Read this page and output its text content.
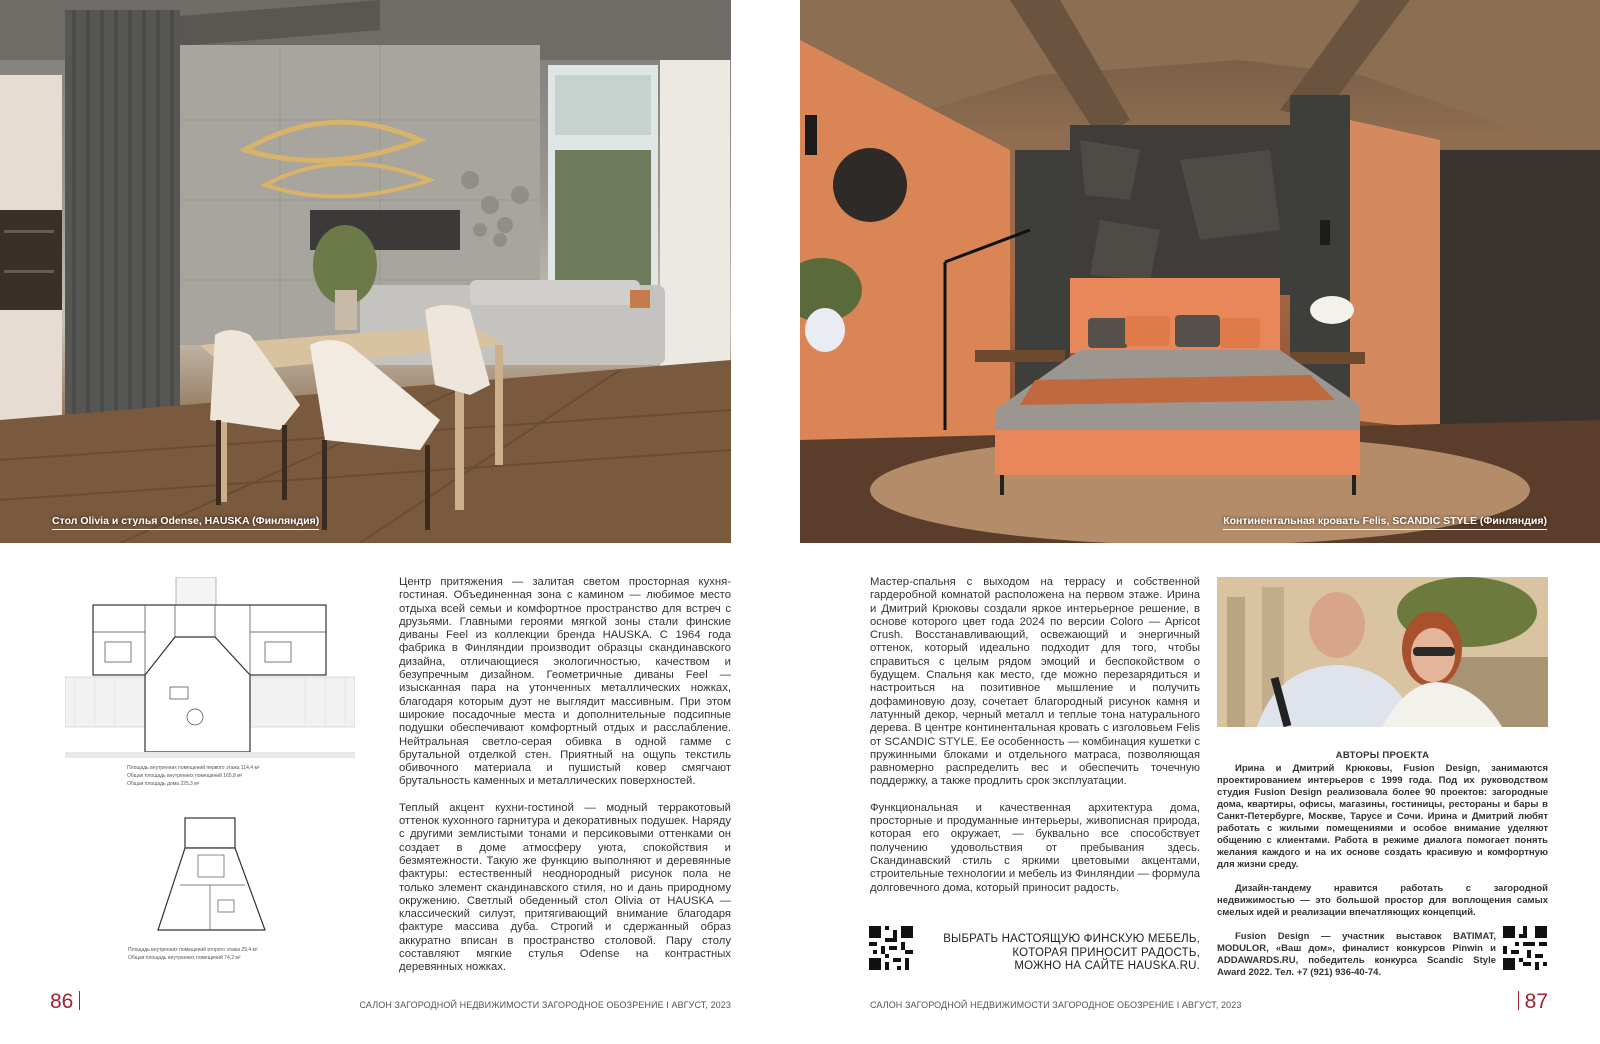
Стол Olivia и стулья Odense, HAUSKA (Финляндия)
Площадь внутренних помещений первого этажа 114,4 м²
Общая площадь внутренних помещений 165,8 м²
Общая площадь дома 225,3 м²
Площадь внутренних помещений второго этажа 29,4 м²
Общая площадь внутренних помещений 74,2 м²

Центр притяжения — залитая светом просторная кухня-гостиная. Объединенная зона с камином — любимое место отдыха всей семьи и комфортное пространство для встреч с друзьями. Главными героями мягкой зоны стали финские диваны Feel из коллекции бренда HAUSKA. С 1964 года фабрика в Финляндии производит образцы скандинавского дизайна, отличающиеся экологичностью, качеством и безупречным дизайном. Геометричные диваны Feel — изысканная пара на утонченных металлических ножках, благодаря которым дуэт не выглядит массивным. При этом широкие посадочные места и дополнительные подсипные подушки обеспечивают комфортный отдых и расслабление. Нейтральная светло-серая обивка в одной гамме с брутальной отделкой стен. Приятный на ощупь текстиль обивочного материала и пушистый ковер смягчают брутальность каменных и металлических поверхностей.

Теплый акцент кухни-гостиной — модный терракотовый оттенок кухонного гарнитура и декоративных подушек. Наряду с другими землистыми тонами и персиковыми оттенками он создает в доме атмосферу уюта, спокойствия и безмятежности. Такую же функцию выполняют и деревянные фактуры: естественный неоднородный рисунок пола не только элемент скандинавского стиля, но и дань природному окружению. Светлый обеденный стол Olivia от HAUSKA — классический силуэт, притягивающий внимание благодаря фактуре массива дуба. Строгий и сдержанный образ аккуратно вписан в пространство столовой. Пару столу составляют мягкие стулья Odense на контрастных деревянных ножках.

86	САЛОН ЗАГОРОДНОЙ НЕДВИЖИМОСТИ ЗАГОРОДНОЕ ОБОЗРЕНИЕ I АВГУСТ, 2023
Континентальная кровать Felis, SCANDIC STYLE (Финляндия)

Мастер-спальня с выходом на террасу и собственной гардеробной комнатой расположена на первом этаже. Ирина и Дмитрий Крюковы создали яркое интерьерное решение, в основе которого цвет года 2024 по версии Coloro — Apricot Crush. Восстанавливающий, освежающий и энергичный оттенок, который идеально подходит для того, чтобы справиться с целым рядом эмоций и беспокойством о будущем. Спальня как место, где можно перезарядиться и настроиться на позитивное мышление и получить дофаминовую дозу, сочетает благородный рисунок камня и латунный декор, черный металл и теплые тона натурального дерева. В центре континентальная кровать с изголовьем Felis от SCANDIC STYLE. Ее особенность — комбинация кушетки с пружинными блоками и отдельного матраса, позволяющая равномерно распределить вес и обеспечить точечную поддержку, а также продлить срок эксплуатации.

Функциональная и качественная архитектура дома, просторные и продуманные интерьеры, живописная природа, которая его окружает, — буквально все способствует получению удовольствия от пребывания здесь. Скандинавский стиль с яркими цветовыми акцентами, строительные технологии и мебель из Финляндии — формула долговечного дома, который приносит радость.

АВТОРЫ ПРОЕКТА

Ирина и Дмитрий Крюковы, Fusion Design, занимаются проектированием интерьеров с 1999 года. Под их руководством студия Fusion Design реализовала более 90 проектов: загородные дома, квартиры, офисы, магазины, гостиницы, рестораны и бары в Санкт-Петербурге, Москве, Тарусе и Сочи. Ирина и Дмитрий любят работать с жилыми помещениями и особое внимание уделяют общению с клиентами. Работа в режиме диалога помогает понять желания каждого и на их основе создать красивую и комфортную для жизни среду.

Дизайн-тандему нравится работать с загородной недвижимостью — это большой простор для воплощения самых смелых идей и реализации впечатляющих концепций.

Fusion Design — участник выставок BATIMAT, MODULOR, «Ваш дом», финалист конкурсов Pinwin и ADDAWARDS.RU, победитель конкурса Scandic Style Award 2022. Тел. +7 (921) 936-40-74.

ВЫБРАТЬ НАСТОЯЩУЮ ФИНСКУЮ МЕБЕЛЬ,
КОТОРАЯ ПРИНОСИТ РАДОСТЬ,
МОЖНО НА САЙТЕ HAUSKA.RU.
САЛОН ЗАГОРОДНОЙ НЕДВИЖИМОСТИ ЗАГОРОДНОЕ ОБОЗРЕНИЕ I АВГУСТ, 2023	87
